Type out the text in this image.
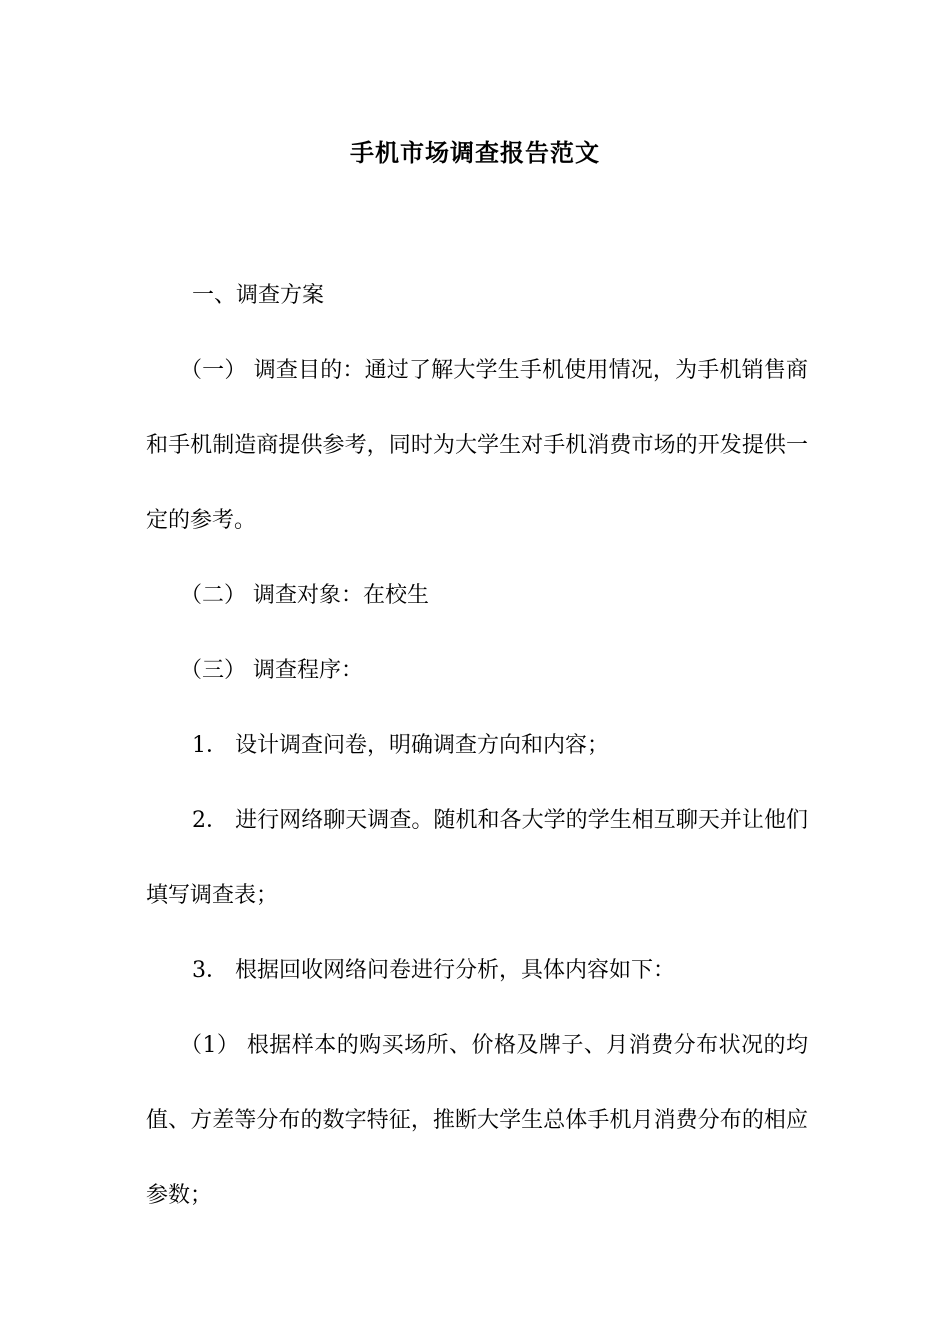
手机市场调查报告范文

一、调查方案

（一） 调查目的：通过了解大学生手机使用情况，为手机销售商和手机制造商提供参考，同时为大学生对手机消费市场的开发提供一定的参考。

（二） 调查对象：在校生

（三） 调查程序：

1． 设计调查问卷，明确调查方向和内容；

2． 进行网络聊天调查。随机和各大学的学生相互聊天并让他们填写调查表；

3． 根据回收网络问卷进行分析，具体内容如下：

（1） 根据样本的购买场所、价格及牌子、月消费分布状况的均值、方差等分布的数字特征，推断大学生总体手机月消费分布的相应参数；
